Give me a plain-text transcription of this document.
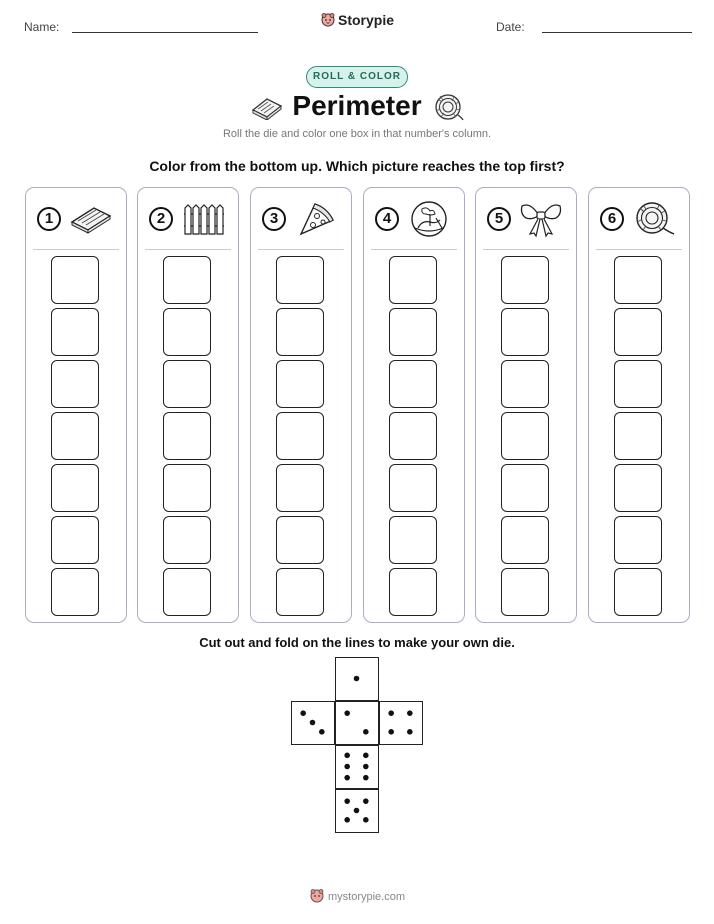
Name:	Storypie	Date:
ROLL & COLOR
Perimeter
Roll the die and color one box in that number's column.
Color from the bottom up. Which picture reaches the top first?
1	2	3	4	5	6
Cut out and fold on the lines to make your own die.
mystorypie.com
